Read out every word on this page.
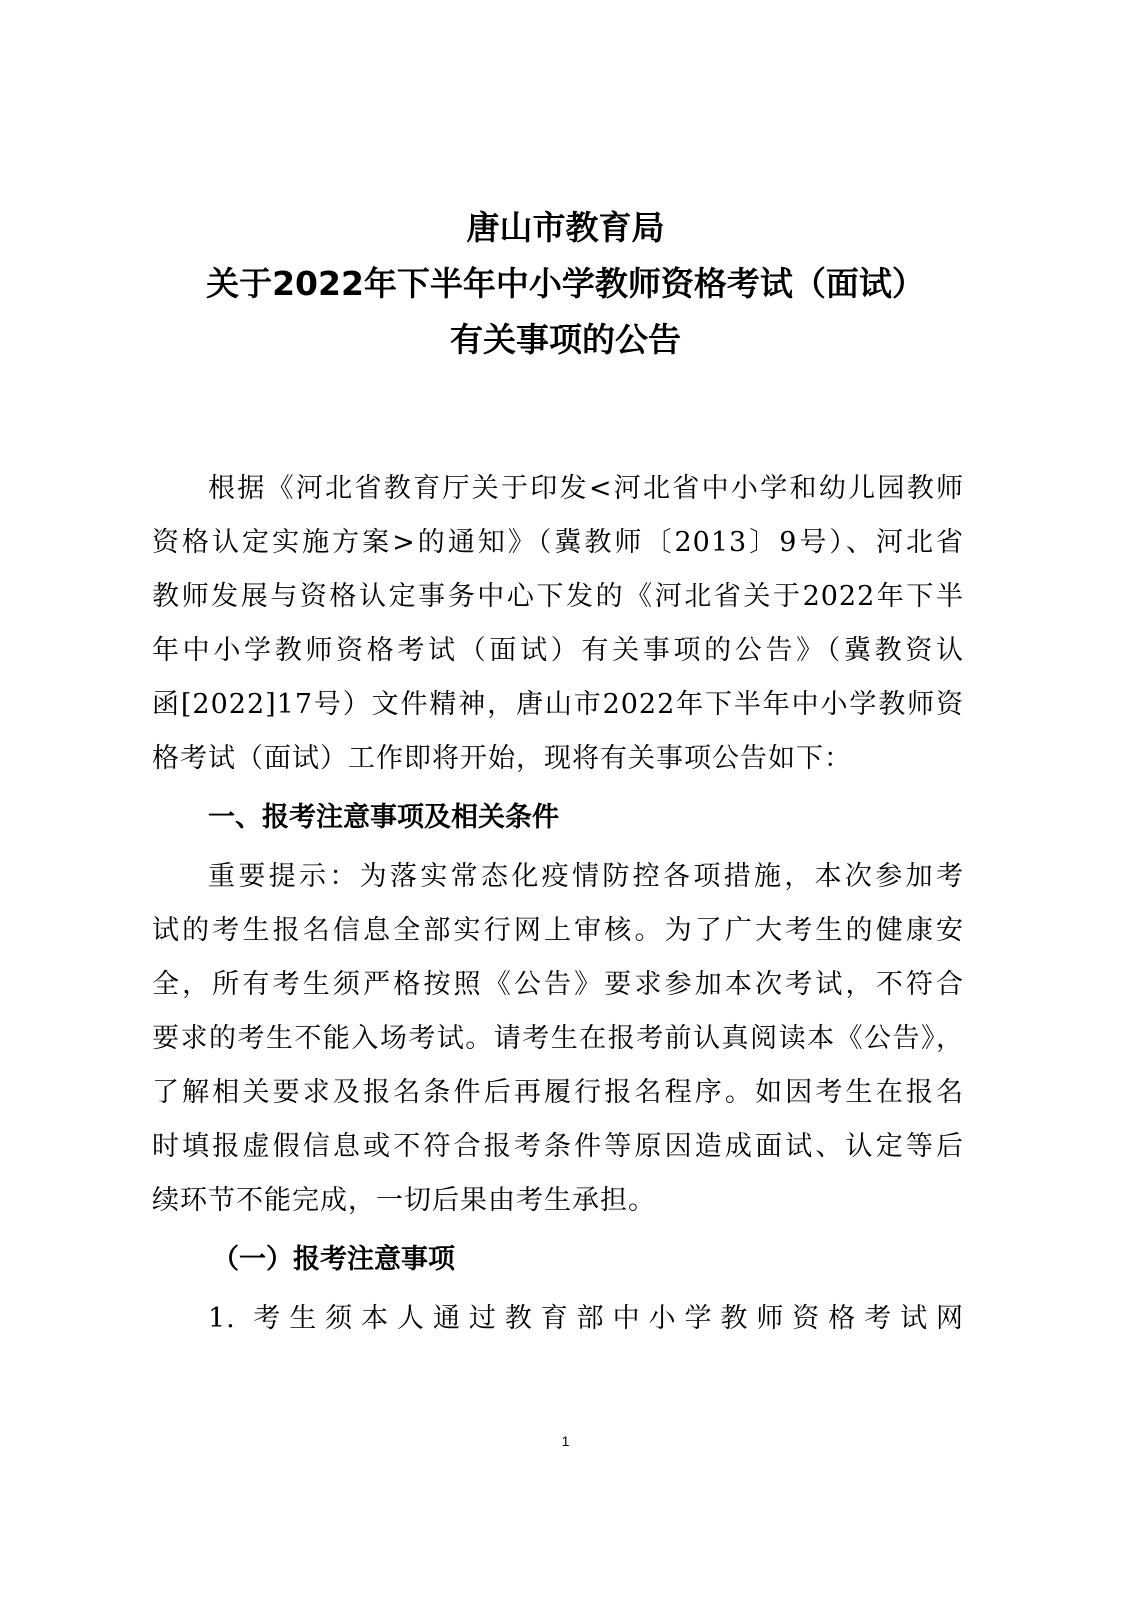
唐山市教育局
关于2022年下半年中小学教师资格考试（面试）
有关事项的公告
根据《河北省教育厅关于印发<河北省中小学和幼儿园教师
资格认定实施方案>的通知》（冀教师〔2013〕9号）、河北省
教师发展与资格认定事务中心下发的《河北省关于2022年下半
年中小学教师资格考试（面试）有关事项的公告》（冀教资认
函[2022]17号）文件精神，唐山市2022年下半年中小学教师资
格考试（面试）工作即将开始，现将有关事项公告如下：
一、报考注意事项及相关条件
重要提示：为落实常态化疫情防控各项措施，本次参加考
试的考生报名信息全部实行网上审核。为了广大考生的健康安
全，所有考生须严格按照《公告》要求参加本次考试，不符合
要求的考生不能入场考试。请考生在报考前认真阅读本《公告》，
了解相关要求及报名条件后再履行报名程序。如因考生在报名
时填报虚假信息或不符合报考条件等原因造成面试、认定等后
续环节不能完成，一切后果由考生承担。
（一）报考注意事项
1. 考生须本人通过教育部中小学教师资格考试网
1
